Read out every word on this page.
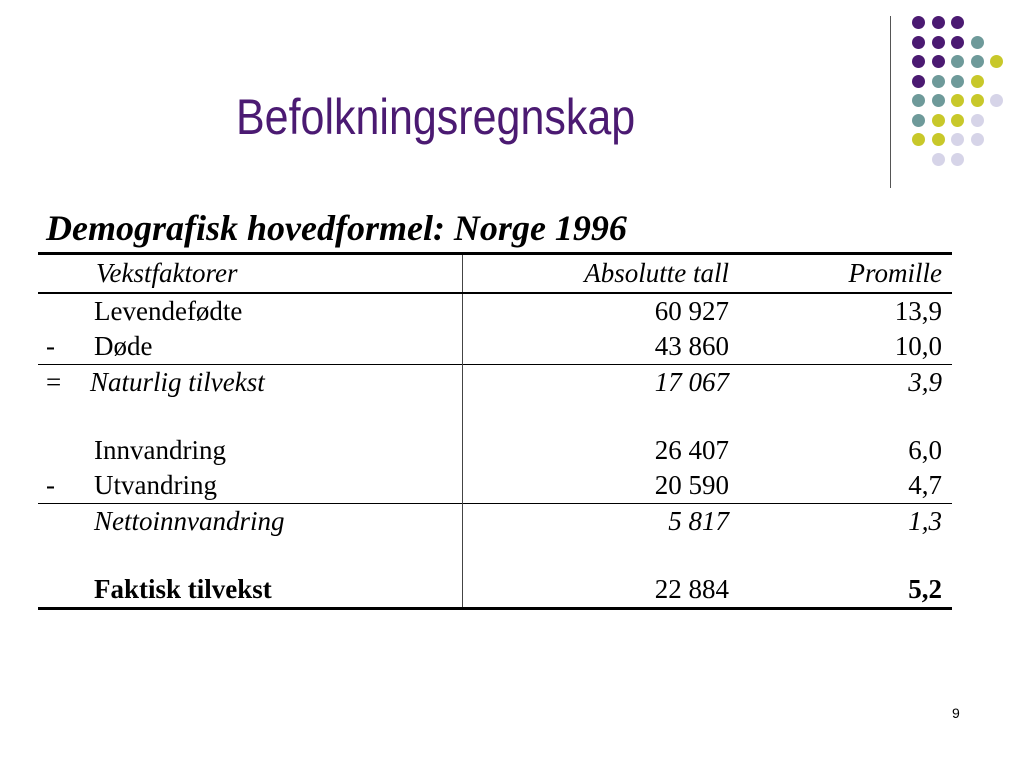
Befolkningsregnskap
Demografisk hovedformel: Norge 1996
Vekstfaktorer	Absolutte tall	Promille
Levendefødte	60 927	13,9
- Døde	43 860	10,0
= Naturlig tilvekst	17 067	3,9

Innvandring	26 407	6,0
- Utvandring	20 590	4,7
Nettoinnvandring	5 817	1,3

Faktisk tilvekst	22 884	5,2
9
